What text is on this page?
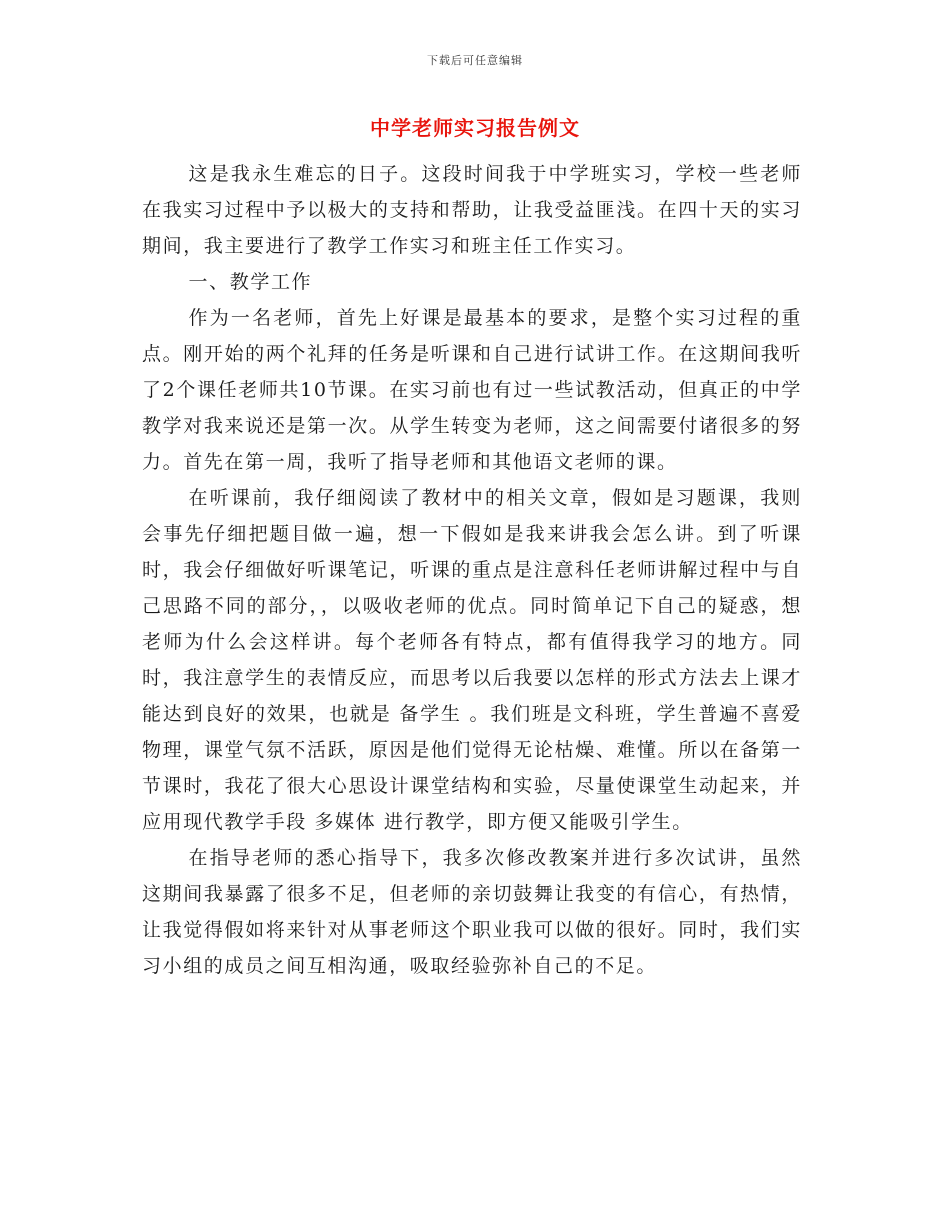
下载后可任意编辑
中学老师实习报告例文

这是我永生难忘的日子。这段时间我于中学班实习，学校一些老师在我实习过程中予以极大的支持和帮助，让我受益匪浅。在四十天的实习期间，我主要进行了教学工作实习和班主任工作实习。

一、教学工作

作为一名老师，首先上好课是最基本的要求，是整个实习过程的重点。刚开始的两个礼拜的任务是听课和自己进行试讲工作。在这期间我听了2个课任老师共10节课。在实习前也有过一些试教活动，但真正的中学教学对我来说还是第一次。从学生转变为老师，这之间需要付诸很多的努力。首先在第一周，我听了指导老师和其他语文老师的课。

在听课前，我仔细阅读了教材中的相关文章，假如是习题课，我则会事先仔细把题目做一遍，想一下假如是我来讲我会怎么讲。到了听课时，我会仔细做好听课笔记，听课的重点是注意科任老师讲解过程中与自己思路不同的部分，，以吸收老师的优点。同时简单记下自己的疑惑，想老师为什么会这样讲。每个老师各有特点，都有值得我学习的地方。同时，我注意学生的表情反应，而思考以后我要以怎样的形式方法去上课才能达到良好的效果，也就是 备学生 。我们班是文科班，学生普遍不喜爱物理，课堂气氛不活跃，原因是他们觉得无论枯燥、难懂。所以在备第一节课时，我花了很大心思设计课堂结构和实验，尽量使课堂生动起来，并应用现代教学手段 多媒体 进行教学，即方便又能吸引学生。

在指导老师的悉心指导下，我多次修改教案并进行多次试讲，虽然这期间我暴露了很多不足，但老师的亲切鼓舞让我变的有信心，有热情，让我觉得假如将来针对从事老师这个职业我可以做的很好。同时，我们实习小组的成员之间互相沟通，吸取经验弥补自己的不足。
